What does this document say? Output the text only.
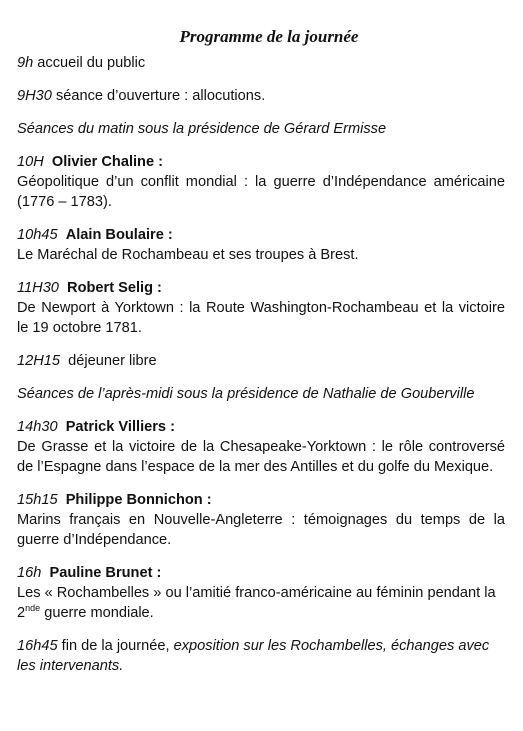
Programme de la journée
9h accueil du public
9H30 séance d’ouverture : allocutions.
Séances du matin sous la présidence de Gérard Ermisse
10H Olivier Chaline :
Géopolitique d’un conflit mondial : la guerre d’Indépendance américaine (1776 – 1783).
10h45 Alain Boulaire :
Le Maréchal de Rochambeau et ses troupes à Brest.
11H30 Robert Selig :
De Newport à Yorktown : la Route Washington-Rochambeau et la victoire le 19 octobre 1781.
12H15 déjeuner libre
Séances de l’après-midi sous la présidence de Nathalie de Gouberville
14h30 Patrick Villiers :
De Grasse et la victoire de la Chesapeake-Yorktown : le rôle controversé de l’Espagne dans l’espace de la mer des Antilles et du golfe du Mexique.
15h15 Philippe Bonnichon :
Marins français en Nouvelle-Angleterre : témoignages du temps de la guerre d’Indépendance.
16h Pauline Brunet :
Les « Rochambelles » ou l’amitié franco-américaine au féminin pendant la 2nde guerre mondiale.
16h45 fin de la journée, exposition sur les Rochambelles, échanges avec les intervenants.
